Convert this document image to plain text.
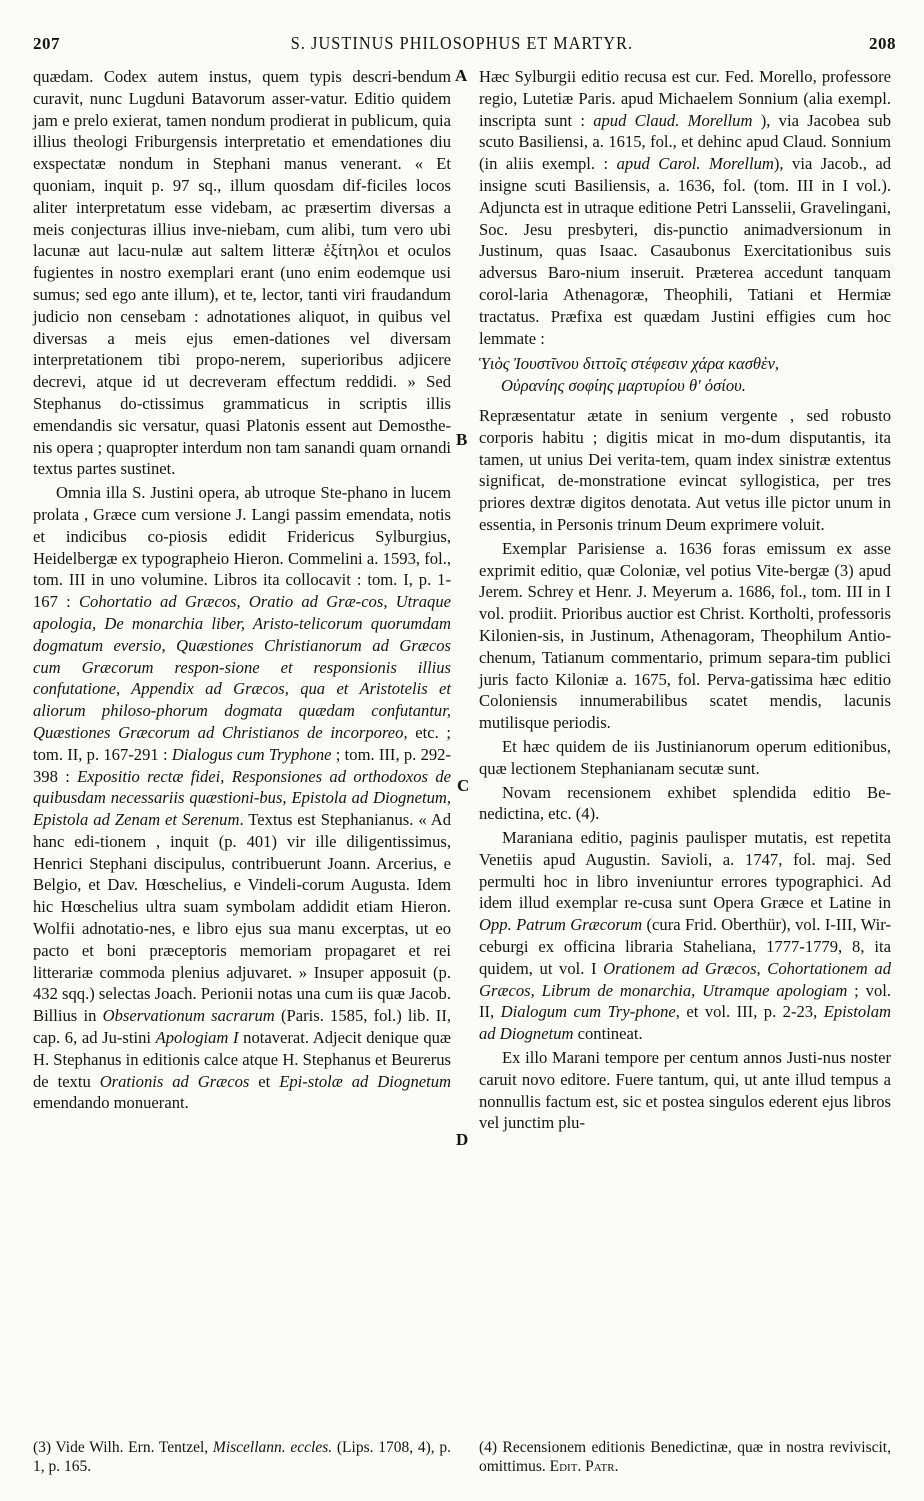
207	S. JUSTINUS PHILOSOPHUS ET MARTYR.	208
A
B
C
D

quædam. Codex autem instus, quem typis descri-bendum curavit, nunc Lugduni Batavorum asser-vatur. Editio quidem jam e prelo exierat, tamen nondum prodierat in publicum, quia illius theologi Friburgensis interpretatio et emendationes diu exspectatæ nondum in Stephani manus venerant. « Et quoniam, inquit p. 97 sq., illum quosdam dif-ficiles locos aliter interpretatum esse videbam, ac præsertim diversas a meis conjecturas illius inve-niebam, cum alibi, tum vero ubi lacunæ aut lacu-nulæ aut saltem litteræ ἐξίτηλοι et oculos fugientes in nostro exemplari erant (uno enim eodemque usi sumus; sed ego ante illum), et te, lector, tanti viri fraudandum judicio non censebam : adnotationes aliquot, in quibus vel diversas a meis ejus emen-dationes vel diversam interpretationem tibi propo-nerem, superioribus adjicere decrevi, atque id ut decreveram effectum reddidi. » Sed Stephanus do-ctissimus grammaticus in scriptis illis emendandis sic versatur, quasi Platonis essent aut Demosthe-nis opera ; quapropter interdum non tam sanandi quam ornandi textus partes sustinet.

Omnia illa S. Justini opera, ab utroque Ste-phano in lucem prolata , Græce cum versione J. Langi passim emendata, notis et indicibus co-piosis edidit Fridericus Sylburgius, Heidelbergæ ex typographeio Hieron. Commelini a. 1593, fol., tom. III in uno volumine. Libros ita collocavit : tom. I, p. 1-167 : Cohortatio ad Græcos, Oratio ad Græ-cos, Utraque apologia, De monarchia liber, Aristo-telicorum quorumdam dogmatum eversio, Quæstiones Christianorum ad Græcos cum Græcorum respon-sione et responsionis illius confutatione, Appendix ad Græcos, qua et Aristotelis et aliorum philoso-phorum dogmata quædam confutantur, Quæstiones Græcorum ad Christianos de incorporeo, etc. ; tom. II, p. 167-291 : Dialogus cum Tryphone ; tom. III, p. 292-398 : Expositio rectæ fidei, Responsiones ad orthodoxos de quibusdam necessariis quæstioni-bus, Epistola ad Diognetum, Epistola ad Zenam et Serenum. Textus est Stephanianus. « Ad hanc edi-tionem , inquit (p. 401) vir ille diligentissimus, Henrici Stephani discipulus, contribuerunt Joann. Arcerius, e Belgio, et Dav. Hœschelius, e Vindeli-corum Augusta. Idem hic Hœschelius ultra suam symbolam addidit etiam Hieron. Wolfii adnotatio-nes, e libro ejus sua manu excerptas, ut eo pacto et boni præceptoris memoriam propagaret et rei litterariæ commoda plenius adjuvaret. » Insuper apposuit (p. 432 sqq.) selectas Joach. Perionii notas una cum iis quæ Jacob. Billius in Observationum sacrarum (Paris. 1585, fol.) lib. II, cap. 6, ad Ju-stini Apologiam I notaverat. Adjecit denique quæ H. Stephanus in editionis calce atque H. Stephanus et Beurerus de textu Orationis ad Græcos et Epi-stolæ ad Diognetum emendando monuerant.

Hæc Sylburgii editio recusa est cur. Fed. Morello, professore regio, Lutetiæ Paris. apud Michaelem Sonnium (alia exempl. inscripta sunt : apud Claud. Morellum ), via Jacobea sub scuto Basiliensi, a. 1615, fol., et dehinc apud Claud. Sonnium (in aliis exempl. : apud Carol. Morellum), via Jacob., ad insigne scuti Basiliensis, a. 1636, fol. (tom. III in I vol.). Adjuncta est in utraque editione Petri Lansselii, Gravelingani, Soc. Jesu presbyteri, dis-punctio animadversionum in Justinum, quas Isaac. Casaubonus Exercitationibus suis adversus Baro-nium inseruit. Præterea accedunt tanquam corol-laria Athenagoræ, Theophili, Tatiani et Hermiæ tractatus. Præfixa est quædam Justini effigies cum hoc lemmate :

Ὑιὸς Ἰουστῖνου διττοῖς στέφεσιν χάρα κασθὲν,
Οὐρανίης σοφίης μαρτυρίου θ' ὁσίου.

Repræsentatur ætate in senium vergente , sed robusto corporis habitu ; digitis micat in mo-dum disputantis, ita tamen, ut unius Dei verita-tem, quam index sinistræ extentus significat, de-monstratione evincat syllogistica, per tres priores dextræ digitos denotata. Aut vetus ille pictor unum in essentia, in Personis trinum Deum exprimere voluit.

Exemplar Parisiense a. 1636 foras emissum ex asse exprimit editio, quæ Coloniæ, vel potius Vite-bergæ (3) apud Jerem. Schrey et Henr. J. Meyerum a. 1686, fol., tom. III in I vol. prodiit. Prioribus auctior est Christ. Kortholti, professoris Kilonien-sis, in Justinum, Athenagoram, Theophilum Antio-chenum, Tatianum commentario, primum separa-tim publici juris facto Kiloniæ a. 1675, fol. Perva-gatissima hæc editio Coloniensis innumerabilibus scatet mendis, lacunis mutilisque periodis.

Et hæc quidem de iis Justinianorum operum editionibus, quæ lectionem Stephanianam secutæ sunt.

Novam recensionem exhibet splendida editio Be-nedictina, etc. (4).

Maraniana editio, paginis paulisper mutatis, est repetita Venetiis apud Augustin. Savioli, a. 1747, fol. maj. Sed permulti hoc in libro inveniuntur errores typographici. Ad idem illud exemplar re-cusa sunt Opera Græce et Latine in Opp. Patrum Græcorum (cura Frid. Oberthür), vol. I-III, Wir-ceburgi ex officina libraria Staheliana, 1777-1779, 8, ita quidem, ut vol. I Orationem ad Græcos, Cohortationem ad Græcos, Librum de monarchia, Utramque apologiam ; vol. II, Dialogum cum Try-phone, et vol. III, p. 2-23, Epistolam ad Diognetum contineat.

Ex illo Marani tempore per centum annos Justi-nus noster caruit novo editore. Fuere tantum, qui, ut ante illud tempus a nonnullis factum est, sic et postea singulos ederent ejus libros vel junctim plu-

(3) Vide Wilh. Ern. Tentzel, Miscellann. eccles. (Lips. 1708, 4), p. 1, p. 165.

(4) Recensionem editionis Benedictinæ, quæ in nostra reviviscit, omittimus. Edit. Patr.
